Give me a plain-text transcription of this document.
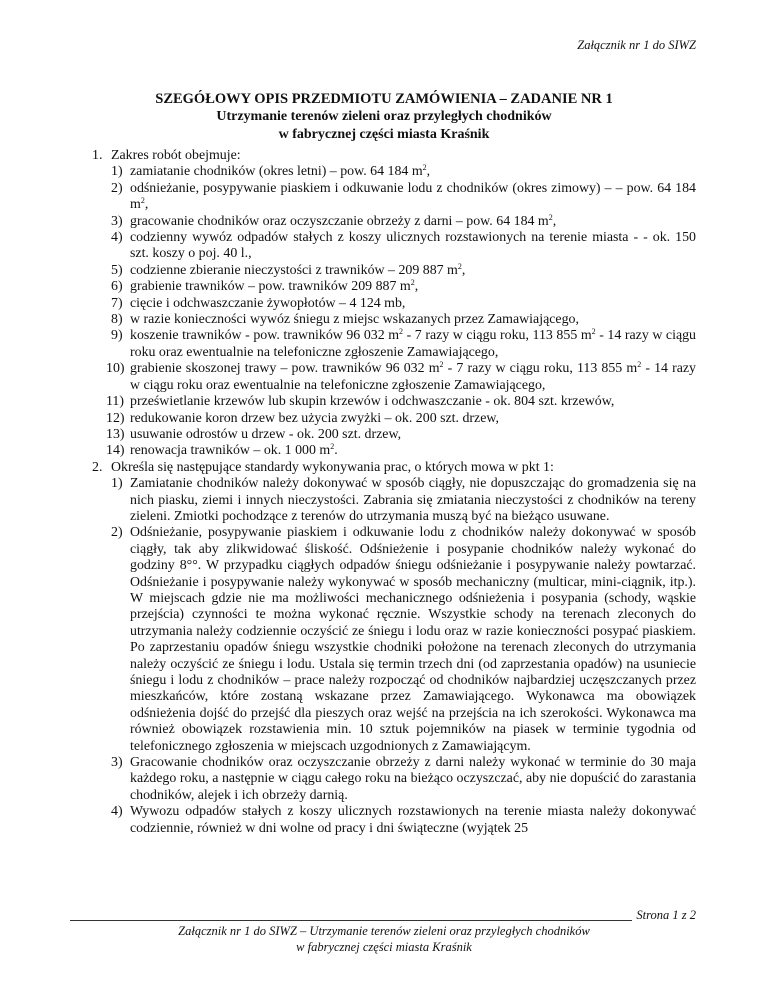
Załącznik nr 1 do SIWZ
SZEGÓŁOWY OPIS PRZEDMIOTU ZAMÓWIENIA – ZADANIE NR 1
Utrzymanie terenów zieleni oraz przyległych chodników
w fabrycznej części miasta Kraśnik
1. Zakres robót obejmuje:
1) zamiatanie chodników (okres letni) – pow. 64 184 $m^2$,
2) odśnieżanie, posypywanie piaskiem i odkuwanie lodu z chodników (okres zimowy) – – pow. 64 184 $m^2$,
3) gracowanie chodników oraz oczyszczanie obrzeży z darni – pow. 64 184 $m^2$,
4) codzienny wywóz odpadów stałych z koszy ulicznych rozstawionych na terenie miasta - - ok. 150 szt. koszy o poj. 40 l.,
5) codzienne zbieranie nieczystości z trawników – 209 887 $m^2$,
6) grabienie trawników – pow. trawników 209 887 $m^2$,
7) cięcie i odchwaszczanie żywopłotów – 4 124 mb,
8) w razie konieczności wywóz śniegu z miejsc wskazanych przez Zamawiającego,
9) koszenie trawników - pow. trawników 96 032 $m^2 - 7$ razy w ciągu roku, 113 855 $m^2 - 14$ razy w ciągu roku oraz ewentualnie na telefoniczne zgłoszenie Zamawiającego,
10) grabienie skoszonej trawy – pow. trawników 96 032 $m^2 - 7$ razy w ciągu roku, 113 855 $m^2 - 14$ razy w ciągu roku oraz ewentualnie na telefoniczne zgłoszenie Zamawiającego,
11) prześwietlanie krzewów lub skupin krzewów i odchwaszczanie - ok. 804 szt. krzewów,
12) redukowanie koron drzew bez użycia zwyżki – ok. 200 szt. drzew,
13) usuwanie odrostów u drzew - ok. 200 szt. drzew,
14) renowacja trawników – ok. 1 000 $m^2$.
2. Określa się następujące standardy wykonywania prac, o których mowa w pkt 1:
1) Zamiatanie chodników należy dokonywać w sposób ciągły, nie dopuszczając do gromadzenia się na nich piasku, ziemi i innych nieczystości. Zabrania się zmiatania nieczystości z chodników na tereny zieleni. Zmiotki pochodzące z terenów do utrzymania muszą być na bieżąco usuwane.
2) Odśnieżanie, posypywanie piaskiem i odkuwanie lodu z chodników należy dokonywać w sposób ciągły, tak aby zlikwidować śliskość. Odśnieżenie i posypanie chodników należy wykonać do godziny 8°°. W przypadku ciągłych odpadów śniegu odśnieżanie i posypywanie należy powtarzać. Odśnieżanie i posypywanie należy wykonywać w sposób mechaniczny (multicar, mini-ciągnik, itp.). W miejscach gdzie nie ma możliwości mechanicznego odśnieżenia i posypania (schody, wąskie przejścia) czynności te można wykonać ręcznie. Wszystkie schody na terenach zleconych do utrzymania należy codziennie oczyścić ze śniegu i lodu oraz w razie konieczności posypać piaskiem. Po zaprzestaniu opadów śniegu wszystkie chodniki położone na terenach zleconych do utrzymania należy oczyścić ze śniegu i lodu. Ustala się termin trzech dni (od zaprzestania opadów) na usuniecie śniegu i lodu z chodników – prace należy rozpocząć od chodników najbardziej uczęszczanych przez mieszkańców, które zostaną wskazane przez Zamawiającego. Wykonawca ma obowiązek odśnieżenia dojść do przejść dla pieszych oraz wejść na przejścia na ich szerokości. Wykonawca ma również obowiązek rozstawienia min. 10 sztuk pojemników na piasek w terminie tygodnia od telefonicznego zgłoszenia w miejscach uzgodnionych z Zamawiającym.
3) Gracowanie chodników oraz oczyszczanie obrzeży z darni należy wykonać w terminie do 30 maja każdego roku, a następnie w ciągu całego roku na bieżąco oczyszczać, aby nie dopuścić do zarastania chodników, alejek i ich obrzeży darnią.
4) Wywozu odpadów stałych z koszy ulicznych rozstawionych na terenie miasta należy dokonywać codziennie, również w dni wolne od pracy i dni świąteczne (wyjątek 25
Strona 1 z 2
Załącznik nr 1 do SIWZ – Utrzymanie terenów zieleni oraz przyległych chodników
w fabrycznej części miasta Kraśnik
